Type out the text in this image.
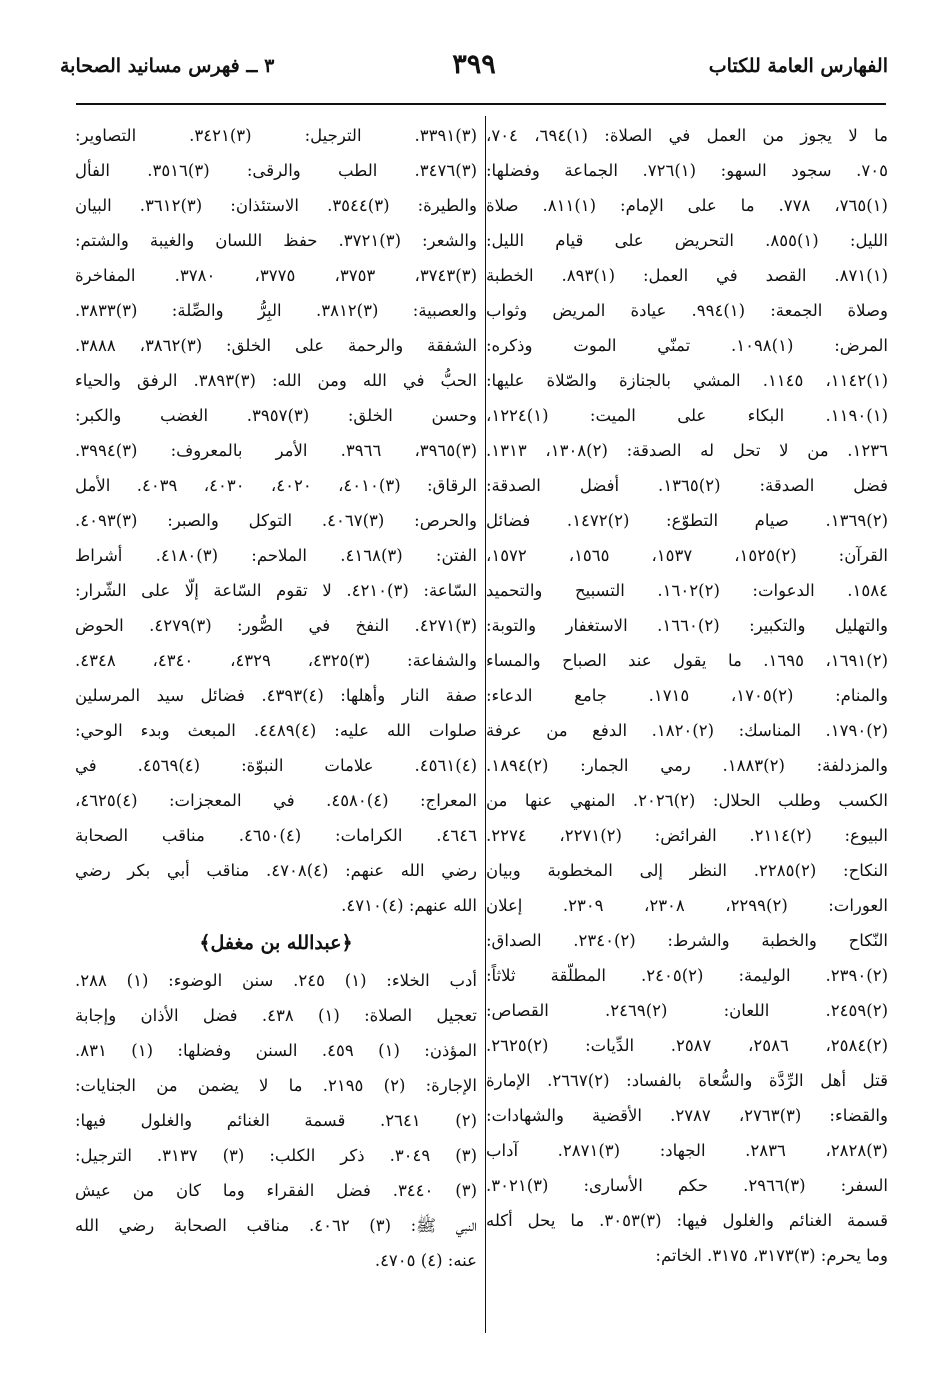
الفهارس العامة للكتاب
٣٩٩
٣ ــ فهرس مسانيد الصحابة
ما لا يجوز من العمل في الصلاة: (١)٦٩٤، ٧٠٤،
٧٠٥. سجود السهو: (١)٧٢٦. الجماعة وفضلها:
(١)٧٦٥، ٧٧٨. ما على الإمام: (١)٨١١. صلاة
الليل: (١)٨٥٥. التحريض على قيام الليل:
(١)٨٧١. القصد في العمل: (١)٨٩٣. الخطبة
وصلاة الجمعة: (١)٩٩٤. عيادة المريض وثواب
المرض: (١)١٠٩٨. تمنّي الموت وذكره:
(١)١١٤٢، ١١٤٥. المشي بالجنازة والصّلاة عليها:
(١)١١٩٠. البكاء على الميت: (١)١٢٢٤،
١٢٣٦. من لا تحل له الصدقة: (٢)١٣٠٨، ١٣١٣.
فضل الصدقة: (٢)١٣٦٥. أفضل الصدقة:
(٢)١٣٦٩. صيام التطوّع: (٢)١٤٧٢. فضائل
القرآن: (٢)١٥٢٥، ١٥٣٧، ١٥٦٥، ١٥٧٢،
١٥٨٤. الدعوات: (٢)١٦٠٢. التسبيح والتحميد
والتهليل والتكبير: (٢)١٦٦٠. الاستغفار والتوبة:
(٢)١٦٩١، ١٦٩٥. ما يقول عند الصباح والمساء
والمنام: (٢)١٧٠٥، ١٧١٥. جامع الدعاء:
(٢)١٧٩٠. المناسك: (٢)١٨٢٠. الدفع من عرفة
والمزدلفة: (٢)١٨٨٣. رمي الجمار: (٢)١٨٩٤.
الكسب وطلب الحلال: (٢)٢٠٢٦. المنهي عنها من
البيوع: (٢)٢١١٤. الفرائض: (٢)٢٢٧١، ٢٢٧٤.
النكاح: (٢)٢٢٨٥. النظر إلى المخطوبة وبيان
العورات: (٢)٢٢٩٩، ٢٣٠٨، ٢٣٠٩. إعلان
النّكاح والخطبة والشرط: (٢)٢٣٤٠. الصداق:
(٢)٢٣٩٠. الوليمة: (٢)٢٤٠٥. المطلّقة ثلاثاً:
(٢)٢٤٥٩. اللعان: (٢)٢٤٦٩. القصاص:
(٢)٢٥٨٤، ٢٥٨٦، ٢٥٨٧. الدِّيات: (٢)٢٦٢٥.
قتل أهل الرِّدَّة والسُّعاة بالفساد: (٢)٢٦٦٧. الإمارة
والقضاء: (٣)٢٧٦٣، ٢٧٨٧. الأقضية والشهادات:
(٣)٢٨٢٨، ٢٨٣٦. الجهاد: (٣)٢٨٧١. آداب
السفر: (٣)٢٩٦٦. حكم الأسارى: (٣)٣٠٢١.
قسمة الغنائم والغلول فيها: (٣)٣٠٥٣. ما يحل أكله
وما يحرم: (٣)٣١٧٣، ٣١٧٥. الخاتم:
(٣)٣٣٩١. الترجيل: (٣)٣٤٢١. التصاوير:
(٣)٣٤٧٦. الطب والرقى: (٣)٣٥١٦. الفأل
والطيرة: (٣)٣٥٤٤. الاستئذان: (٣)٣٦١٢. البيان
والشعر: (٣)٣٧٢١. حفظ اللسان والغيبة والشتم:
(٣)٣٧٤٣، ٣٧٥٣، ٣٧٧٥، ٣٧٨٠. المفاخرة
والعصبية: (٣)٣٨١٢. البِرُّ والصِّلة: (٣)٣٨٣٣.
الشفقة والرحمة على الخلق: (٣)٣٨٦٢، ٣٨٨٨.
الحبُّ في الله ومن الله: (٣)٣٨٩٣. الرفق والحياء
وحسن الخلق: (٣)٣٩٥٧. الغضب والكبر:
(٣)٣٩٦٥، ٣٩٦٦. الأمر بالمعروف: (٣)٣٩٩٤.
الرقاق: (٣)٤٠١٠، ٤٠٢٠، ٤٠٣٠، ٤٠٣٩. الأمل
والحرص: (٣)٤٠٦٧. التوكل والصبر: (٣)٤٠٩٣.
الفتن: (٣)٤١٦٨. الملاحم: (٣)٤١٨٠. أشراط
السّاعة: (٣)٤٢١٠. لا تقوم السّاعة إلّا على الشّرار:
(٣)٤٢٧١. النفخ في الصُّور: (٣)٤٢٧٩. الحوض
والشفاعة: (٣)٤٣٢٥، ٤٣٢٩، ٤٣٤٠، ٤٣٤٨.
صفة النار وأهلها: (٤)٤٣٩٣. فضائل سيد المرسلين
صلوات الله عليه: (٤)٤٤٨٩. المبعث وبدء الوحي:
(٤)٤٥٦١. علامات النبوّة: (٤)٤٥٦٩. في
المعراج: (٤)٤٥٨٠. في المعجزات: (٤)٤٦٢٥،
٤٦٤٦. الكرامات: (٤)٤٦٥٠. مناقب الصحابة
رضي الله عنهم: (٤)٤٧٠٨. مناقب أبي بكر رضي
الله عنهم: (٤)٤٧١٠.
﴿عبدالله بن مغفل﴾
أدب الخلاء: (١) ٢٤٥. سنن الوضوء: (١) ٢٨٨.
تعجيل الصلاة: (١) ٤٣٨. فضل الأذان وإجابة
المؤذن: (١) ٤٥٩. السنن وفضلها: (١) ٨٣١.
الإجارة: (٢) ٢١٩٥. ما لا يضمن من الجنايات:
(٢) ٢٦٤١. قسمة الغنائم والغلول فيها:
(٣) ٣٠٤٩. ذكر الكلب: (٣) ٣١٣٧. الترجيل:
(٣) ٣٤٤٠. فضل الفقراء وما كان من عيش
النبي ﷺ: (٣) ٤٠٦٢. مناقب الصحابة رضي الله
عنه: (٤) ٤٧٠٥.
